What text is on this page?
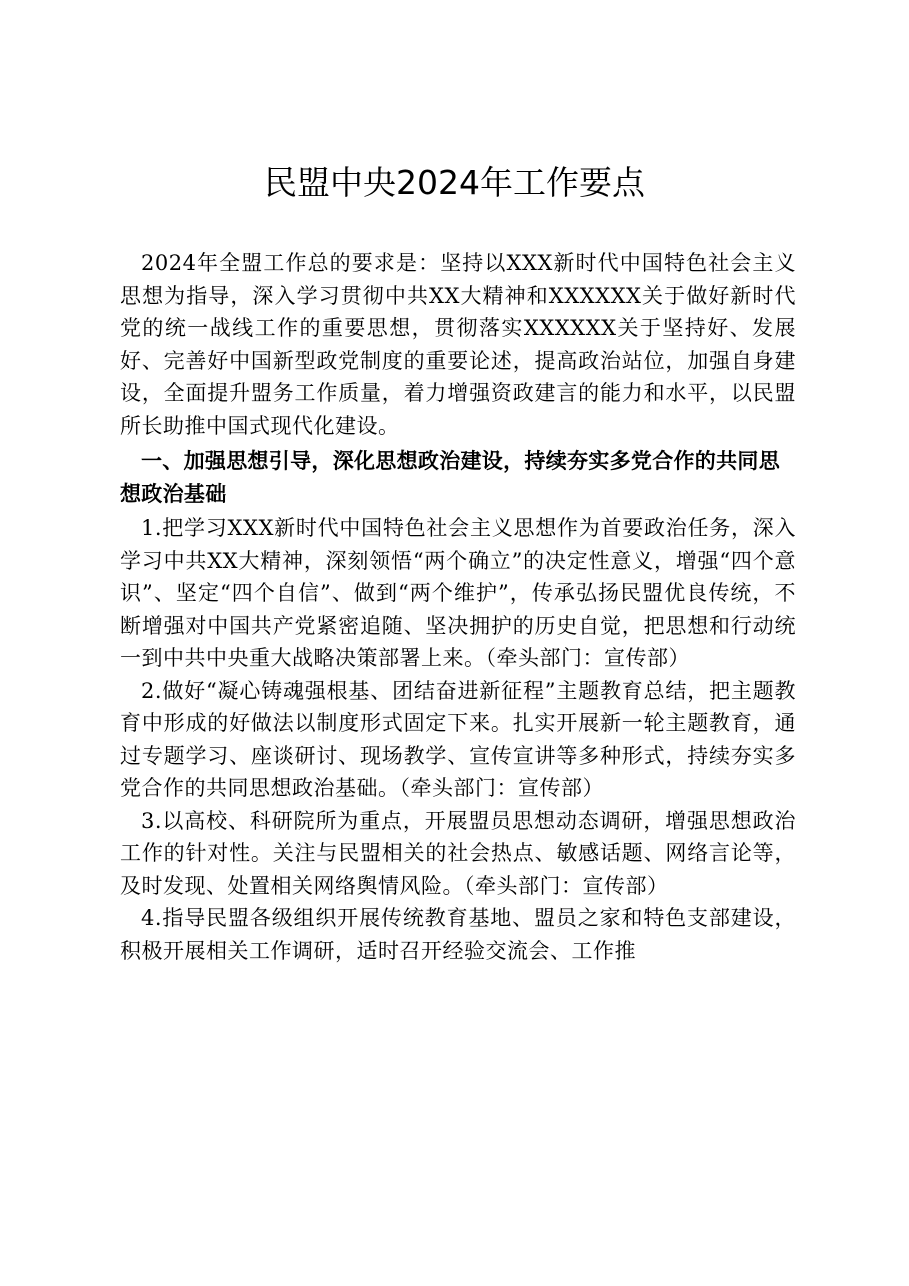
民盟中央2024年工作要点

2024年全盟工作总的要求是：坚持以XXX新时代中国特色社会主义思想为指导，深入学习贯彻中共XX大精神和XXXXXX关于做好新时代党的统一战线工作的重要思想，贯彻落实XXXXXX关于坚持好、发展好、完善好中国新型政党制度的重要论述，提高政治站位，加强自身建设，全面提升盟务工作质量，着力增强资政建言的能力和水平，以民盟所长助推中国式现代化建设。

一、加强思想引导，深化思想政治建设，持续夯实多党合作的共同思想政治基础

1.把学习XXX新时代中国特色社会主义思想作为首要政治任务，深入学习中共XX大精神，深刻领悟“两个确立”的决定性意义，增强“四个意识”、坚定“四个自信”、做到“两个维护”，传承弘扬民盟优良传统，不断增强对中国共产党紧密追随、坚决拥护的历史自觉，把思想和行动统一到中共中央重大战略决策部署上来。（牵头部门：宣传部）

2.做好“凝心铸魂强根基、团结奋进新征程”主题教育总结，把主题教育中形成的好做法以制度形式固定下来。扎实开展新一轮主题教育，通过专题学习、座谈研讨、现场教学、宣传宣讲等多种形式，持续夯实多党合作的共同思想政治基础。（牵头部门：宣传部）

3.以高校、科研院所为重点，开展盟员思想动态调研，增强思想政治工作的针对性。关注与民盟相关的社会热点、敏感话题、网络言论等，及时发现、处置相关网络舆情风险。（牵头部门：宣传部）

4.指导民盟各级组织开展传统教育基地、盟员之家和特色支部建设，积极开展相关工作调研，适时召开经验交流会、工作推
